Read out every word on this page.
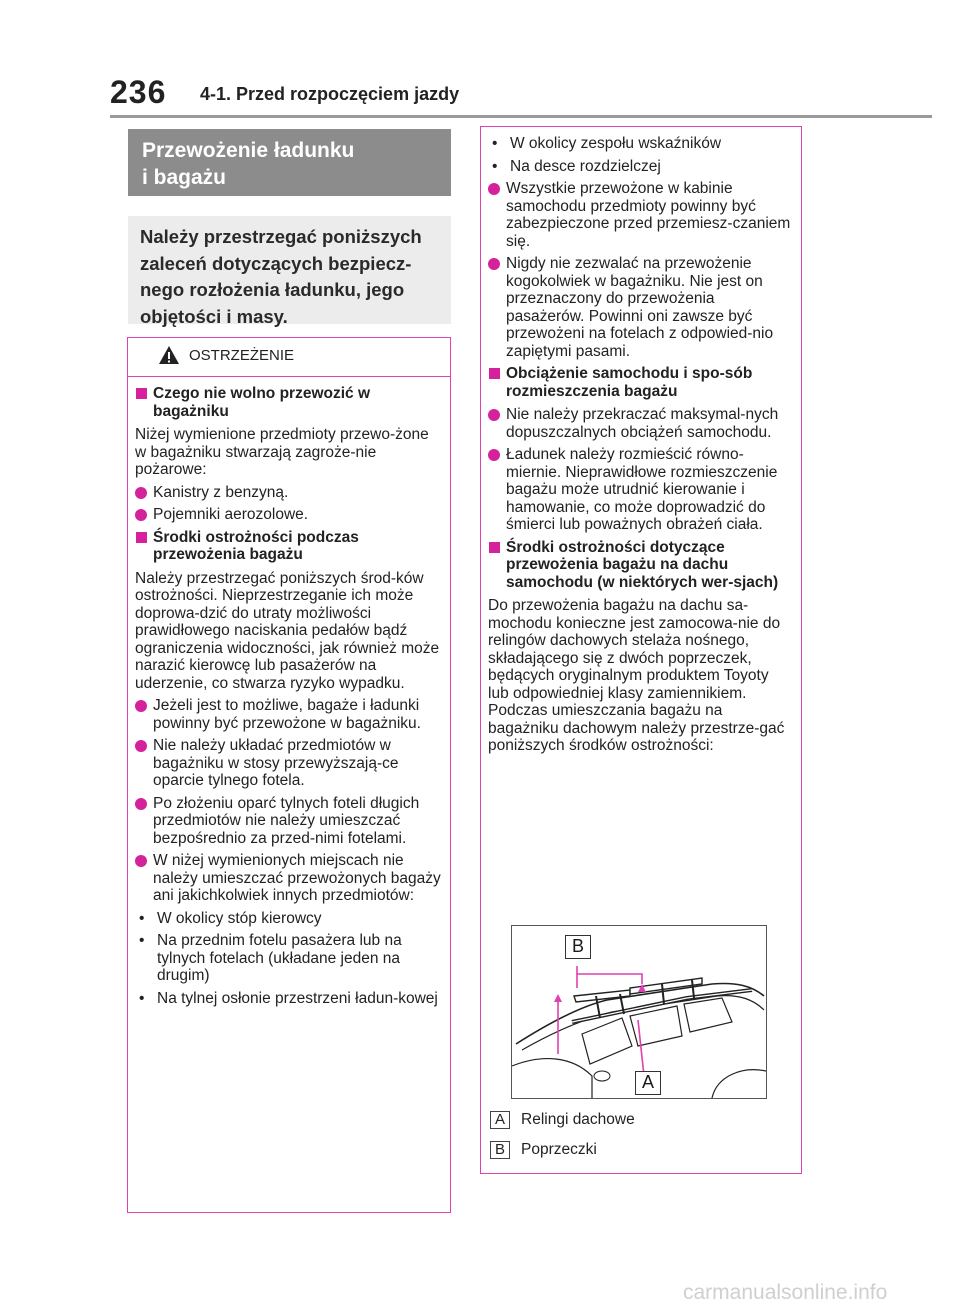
236 4-1. Przed rozpoczęciem jazdy
Przewożenie ładunku
i bagażu
Należy przestrzegać poniższych zaleceń dotyczących bezpiecz-nego rozłożenia ładunku, jego objętości i masy.
OSTRZEŻENIE
Czego nie wolno przewozić w bagażniku
Niżej wymienione przedmioty przewo-żone w bagażniku stwarzają zagroże-nie pożarowe:
Kanistry z benzyną.
Pojemniki aerozolowe.
Środki ostrożności podczas przewożenia bagażu
Należy przestrzegać poniższych środ-ków ostrożności. Nieprzestrzeganie ich może doprowa-dzić do utraty możliwości prawidłowego naciskania pedałów bądź ograniczenia widoczności, jak również może narazić kierowcę lub pasażerów na uderzenie, co stwarza ryzyko wypadku.
Jeżeli jest to możliwe, bagaże i ładunki powinny być przewożone w bagażniku.
Nie należy układać przedmiotów w bagażniku w stosy przewyższają-ce oparcie tylnego fotela.
Po złożeniu oparć tylnych foteli długich przedmiotów nie należy umieszczać bezpośrednio za przed-nimi fotelami.
W niżej wymienionych miejscach nie należy umieszczać przewożonych bagaży ani jakichkolwiek innych przedmiotów:
• W okolicy stóp kierowcy
• Na przednim fotelu pasażera lub na tylnych fotelach (układane jeden na drugim)
• Na tylnej osłonie przestrzeni ładun-kowej
• W okolicy zespołu wskaźników
• Na desce rozdzielczej
Wszystkie przewożone w kabinie samochodu przedmioty powinny być zabezpieczone przed przemiesz-czaniem się.
Nigdy nie zezwalać na przewożenie kogokolwiek w bagażniku. Nie jest on przeznaczony do przewożenia pasażerów. Powinni oni zawsze być przewożeni na fotelach z odpowied-nio zapiętymi pasami.
Obciążenie samochodu i spo-sób rozmieszczenia bagażu
Nie należy przekraczać maksymal-nych dopuszczalnych obciążeń samochodu.
Ładunek należy rozmieścić równo-miernie. Nieprawidłowe rozmieszczenie bagażu może utrudnić kierowanie i hamowanie, co może doprowadzić do śmierci lub poważnych obrażeń ciała.
Środki ostrożności dotyczące przewożenia bagażu na dachu samochodu (w niektórych wer-sjach)
Do przewożenia bagażu na dachu sa-mochodu konieczne jest zamocowa-nie do relingów dachowych stelaża nośnego, składającego się z dwóch poprzeczek, będących oryginalnym produktem Toyoty lub odpowiedniej klasy zamiennikiem. Podczas umieszczania bagażu na bagażniku dachowym należy przestrze-gać poniższych środków ostrożności:
B
A
A Relingi dachowe
B Poprzeczki
carmanualsonline.info
